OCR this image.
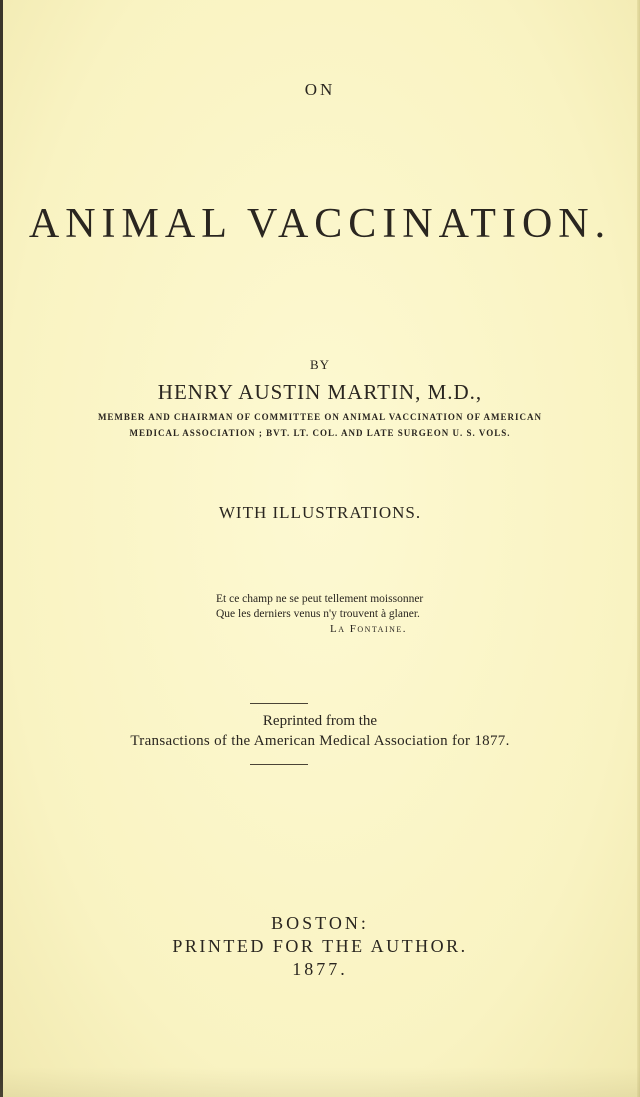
ON
ANIMAL VACCINATION.
BY
HENRY AUSTIN MARTIN, M.D.,
MEMBER AND CHAIRMAN OF COMMITTEE ON ANIMAL VACCINATION OF AMERICAN
MEDICAL ASSOCIATION ; BVT. LT. COL. AND LATE SURGEON U. S. VOLS.
WITH ILLUSTRATIONS.
Et ce champ ne se peut tellement moissonner
Que les derniers venus n'y trouvent à glaner.
La Fontaine.
Reprinted from the
Transactions of the American Medical Association for 1877.
BOSTON:
PRINTED FOR THE AUTHOR.
1877.
